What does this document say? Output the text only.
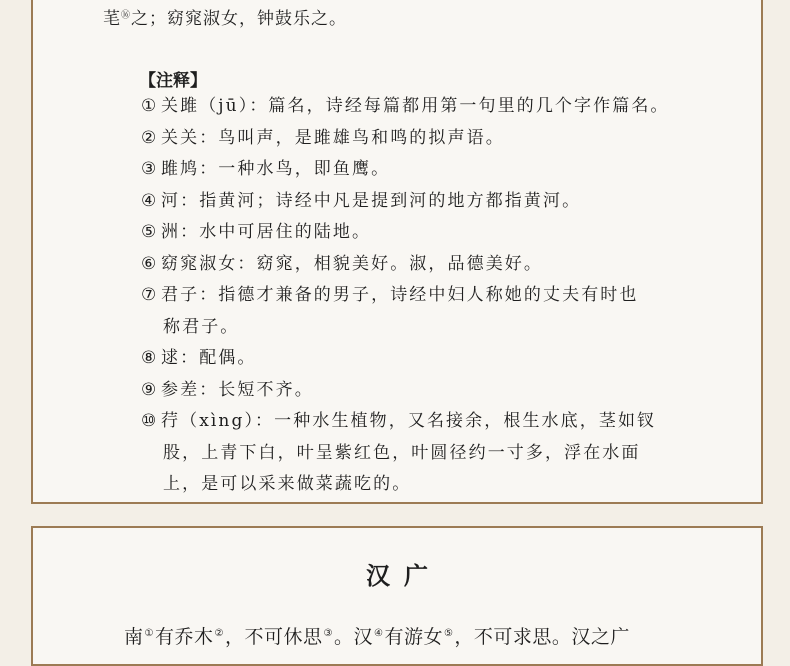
芼⑯之；窈窕淑女，钟鼓乐之。
【注释】
① 关雎（jū）：篇名，诗经每篇都用第一句里的几个字作篇名。
② 关关：鸟叫声，是雎雄鸟和鸣的拟声语。
③ 雎鸠：一种水鸟，即鱼鹰。
④ 河：指黄河；诗经中凡是提到河的地方都指黄河。
⑤ 洲：水中可居住的陆地。
⑥ 窈窕淑女：窈窕，相貌美好。淑，品德美好。
⑦ 君子：指德才兼备的男子，诗经中妇人称她的丈夫有时也
称君子。
⑧ 逑：配偶。
⑨ 参差：长短不齐。
⑩ 荇（xìng）：一种水生植物，又名接余，根生水底，茎如钗
股，上青下白，叶呈紫红色，叶圆径约一寸多，浮在水面
上，是可以采来做菜蔬吃的。
汉广
南①有乔木②，不可休思③。汉④有游女⑤，不可求思。汉之广
